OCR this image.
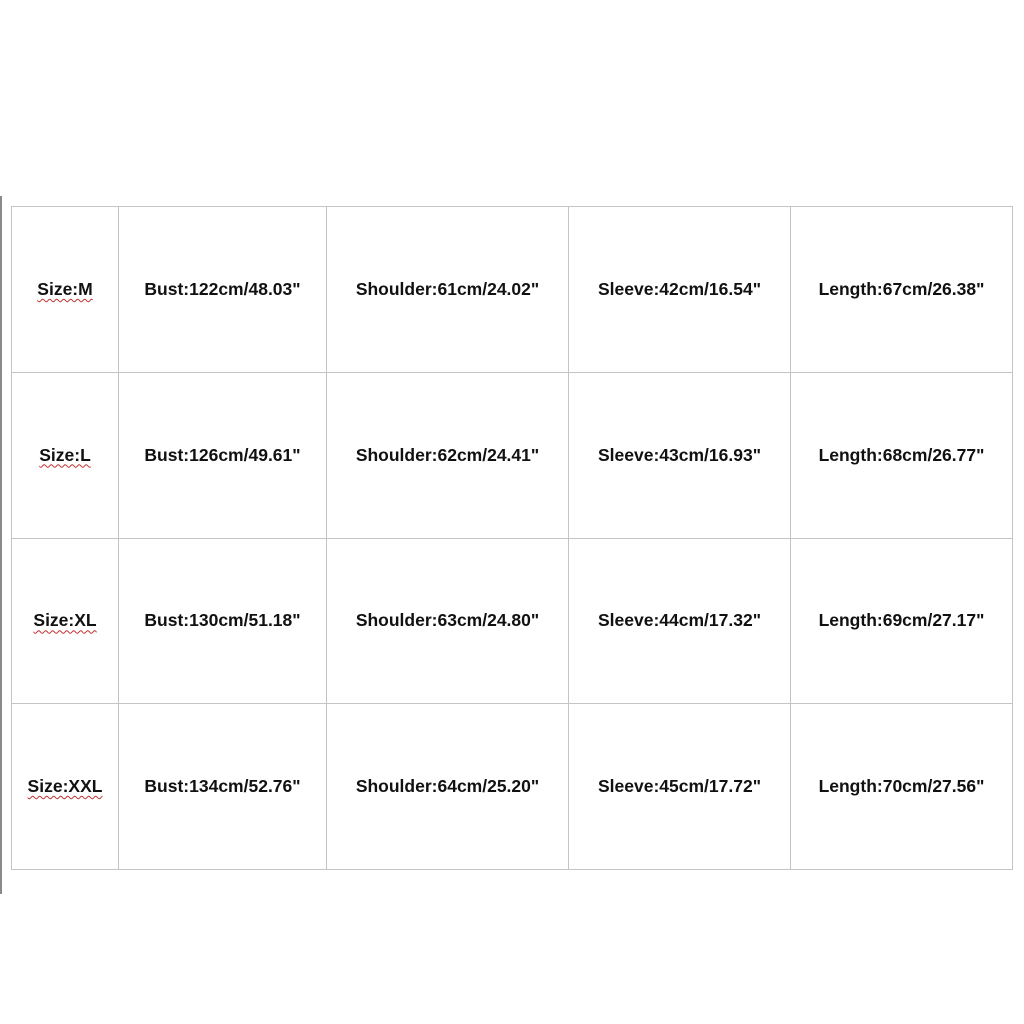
Size:M	Bust:122cm/48.03"	Shoulder:61cm/24.02"	Sleeve:42cm/16.54"	Length:67cm/26.38"
Size:L	Bust:126cm/49.61"	Shoulder:62cm/24.41"	Sleeve:43cm/16.93"	Length:68cm/26.77"
Size:XL	Bust:130cm/51.18"	Shoulder:63cm/24.80"	Sleeve:44cm/17.32"	Length:69cm/27.17"
Size:XXL	Bust:134cm/52.76"	Shoulder:64cm/25.20"	Sleeve:45cm/17.72"	Length:70cm/27.56"
